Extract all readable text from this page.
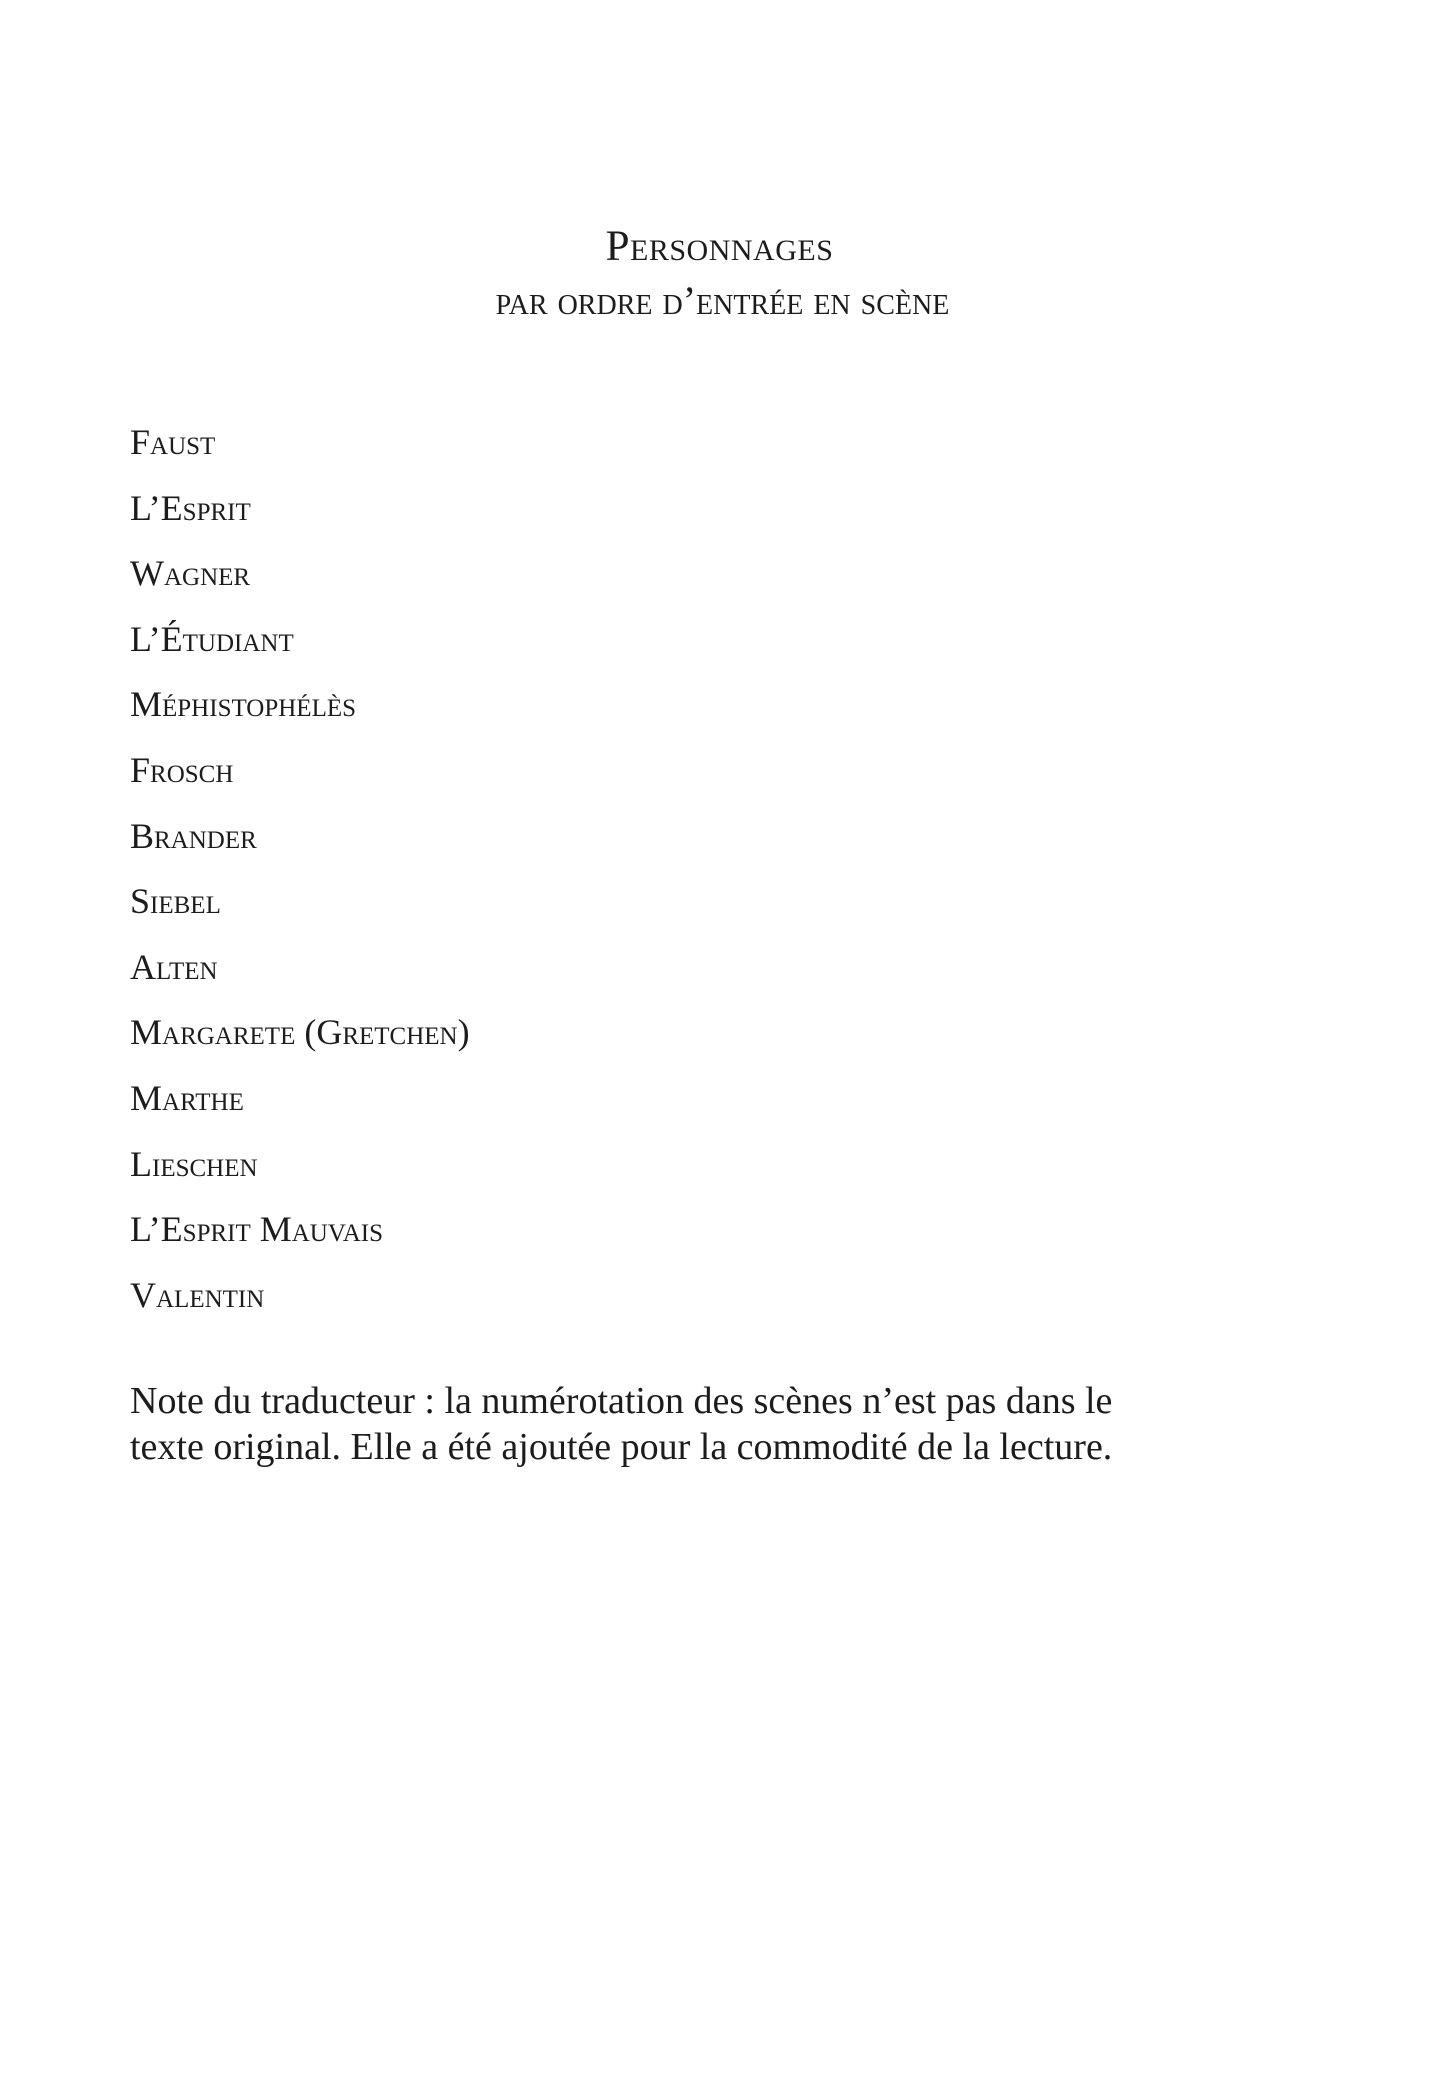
Personnages
par ordre d’entrée en scène
Faust
L’Esprit
Wagner
L’Étudiant
Méphistophélès
Frosch
Brander
Siebel
Alten
Margarete (Gretchen)
Marthe
Lieschen
L’Esprit Mauvais
Valentin

Note du traducteur : la numérotation des scènes n’est pas dans le
texte original. Elle a été ajoutée pour la commodité de la lecture.
